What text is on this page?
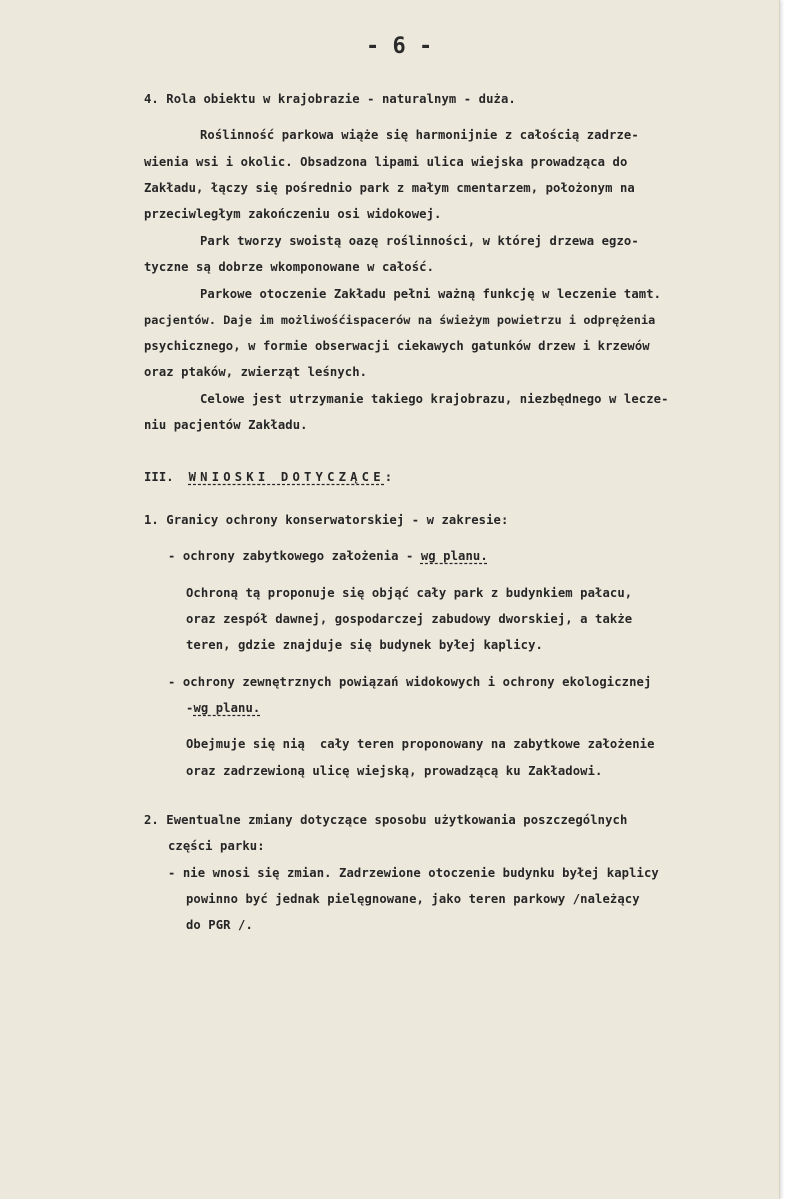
- 6 -
4. Rola obiektu w krajobrazie - naturalnym - duża.
Roślinność parkowa wiąże się harmonijnie z całością zadrze-
wienia wsi i okolic. Obsadzona lipami ulica wiejska prowadząca do
Zakładu, łączy się pośrednio park z małym cmentarzem, położonym na
przeciwległym zakończeniu osi widokowej.
Park tworzy swoistą oazę roślinności, w której drzewa egzo-
tyczne są dobrze wkomponowane w całość.
Parkowe otoczenie Zakładu pełni ważną funkcję w leczenie tamt.
pacjentów. Daje im możliwośćispacerów na świeżym powietrzu i odprężenia
psychicznego, w formie obserwacji ciekawych gatunków drzew i krzewów
oraz ptaków, zwierząt leśnych.
Celowe jest utrzymanie takiego krajobrazu, niezbędnego w lecze-
niu pacjentów Zakładu.
III. WNIOSKI DOTYCZĄCE:
1. Granicy ochrony konserwatorskiej - w zakresie:
- ochrony zabytkowego założenia - wg planu.
Ochroną tą proponuje się objąć cały park z budynkiem pałacu,
oraz zespół dawnej, gospodarczej zabudowy dworskiej, a także
teren, gdzie znajduje się budynek byłej kaplicy.
- ochrony zewnętrznych powiązań widokowych i ochrony ekologicznej
-wg planu.
Obejmuje się nią  cały teren proponowany na zabytkowe założenie
oraz zadrzewioną ulicę wiejską, prowadzącą ku Zakładowi.
2. Ewentualne zmiany dotyczące sposobu użytkowania poszczególnych
części parku:
- nie wnosi się zmian. Zadrzewione otoczenie budynku byłej kaplicy
powinno być jednak pielęgnowane, jako teren parkowy /należący
do PGR /.
